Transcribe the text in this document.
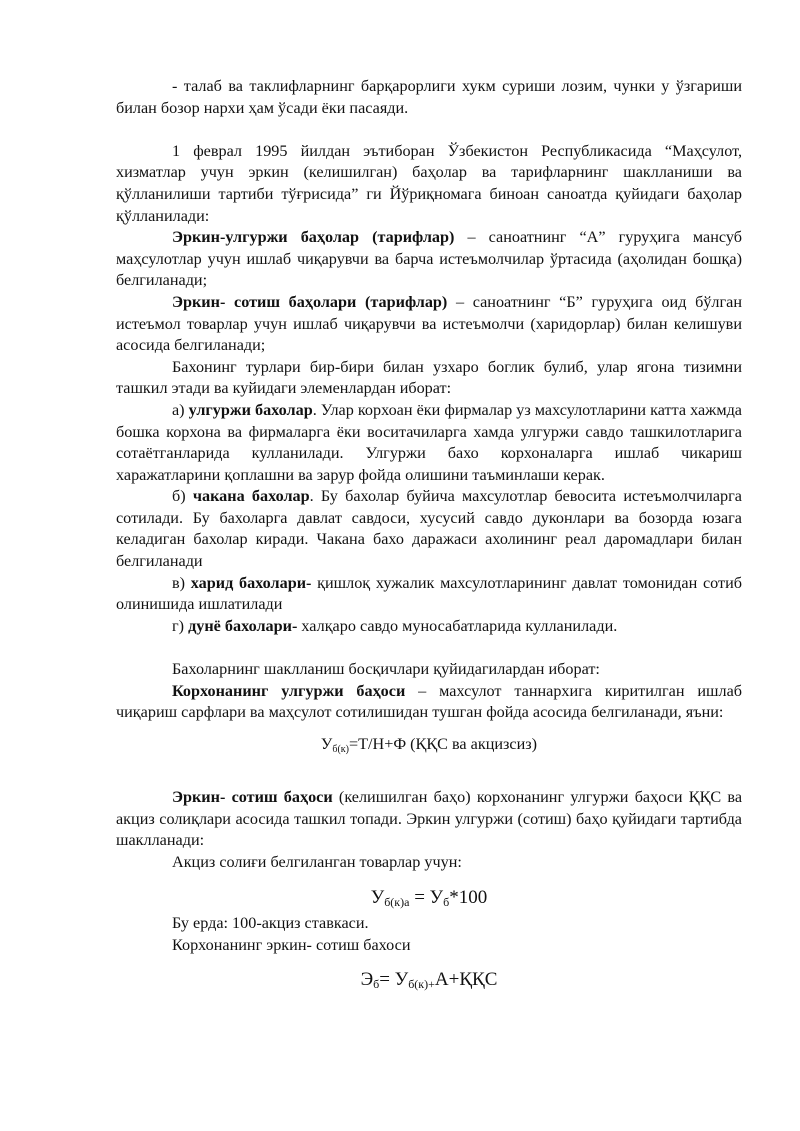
- талаб ва таклифларнинг барқарорлиги хукм суриши лозим, чунки у ўзгариши билан бозор нархи ҳам ўсади ёки пасаяди.

1 феврал 1995 йилдан эътиборан Ўзбекистон Республикасида “Маҳсулот, хизматлар учун эркин (келишилган) баҳолар ва тарифларнинг шаклланиши ва қўлланилиши тартиби тўғрисида” ги Йўриқномага биноан саноатда қуйидаги баҳолар қўлланилади:

Эркин-улгуржи баҳолар (тарифлар) – саноатнинг “А” гуруҳига мансуб маҳсулотлар учун ишлаб чиқарувчи ва барча истеъмолчилар ўртасида (аҳолидан бошқа) белгиланади;

Эркин- сотиш баҳолари (тарифлар) – саноатнинг “Б” гуруҳига оид бўлган истеъмол товарлар учун ишлаб чиқарувчи ва истеъмолчи (харидорлар) билан келишуви асосида белгиланади;

Бахонинг турлари бир-бири билан узхаро боглик булиб, улар ягона тизимни ташкил этади ва куйидаги элеменлардан иборат:

а) улгуржи бахолар. Улар корхоан ёки фирмалар уз махсулотларини катта хажмда бошка корхона ва фирмаларга ёки воситачиларга хамда улгуржи савдо ташкилотларига сотаётганларида кулланилади. Улгуржи бахо корхоналарга ишлаб чикариш харажатларини қоплашни ва зарур фойда олишини таъминлаши керак.

б) чакана бахолар. Бу бахолар буйича махсулотлар бевосита истеъмолчиларга сотилади. Бу бахоларга давлат савдоси, хусусий савдо дуконлари ва бозорда юзага келадиган бахолар киради. Чакана бахо даражаси ахолининг реал даромадлари билан белгиланади

в) харид бахолари- қишлоқ хужалик махсулотларининг давлат томонидан сотиб олинишида ишлатилади

г) дунё бахолари- халқаро савдо муносабатларида кулланилади.

Бахоларнинг шаклланиш босқичлари қуйидагилардан иборат:

Корхонанинг улгуржи баҳоси – махсулот таннархига киритилган ишлаб чиқариш сарфлари ва маҳсулот сотилишидан тушган фойда асосида белгиланади, яъни:

$У_{б(к)}=Т/Н+Ф$ (ҚҚС ва акцизсиз)

Эркин- сотиш баҳоси (келишилган баҳо) корхонанинг улгуржи баҳоси ҚҚС ва акциз солиқлари асосида ташкил топади. Эркин улгуржи (сотиш) баҳо қуйидаги тартибда шаклланади:

Акциз солиғи белгиланган товарлар учун:

$У_{б(к)а} = У_б*100$

Бу ерда: 100-акциз ставкаси.

Корхонанинг эркин- сотиш бахоси

$Э_б= У_{б(к)+}А+ҚҚС$
